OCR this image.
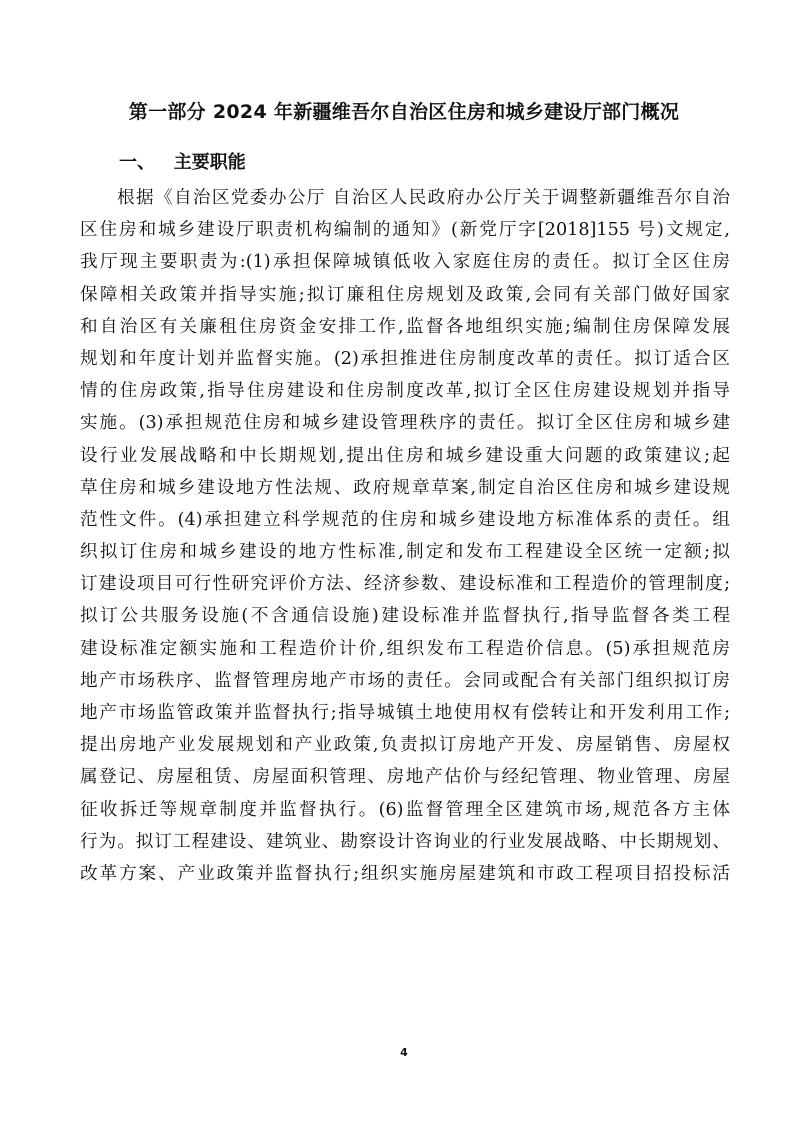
第一部分 2024 年新疆维吾尔自治区住房和城乡建设厅部门概况
一、   主要职能
根据《自治区党委办公厅 自治区人民政府办公厅关于调整新疆维吾尔自治
区住房和城乡建设厅职责机构编制的通知》(新党厅字[2018]155 号)文规定,
我厅现主要职责为:(1)承担保障城镇低收入家庭住房的责任。拟订全区住房
保障相关政策并指导实施;拟订廉租住房规划及政策,会同有关部门做好国家
和自治区有关廉租住房资金安排工作,监督各地组织实施;编制住房保障发展
规划和年度计划并监督实施。(2)承担推进住房制度改革的责任。拟订适合区
情的住房政策,指导住房建设和住房制度改革,拟订全区住房建设规划并指导
实施。(3)承担规范住房和城乡建设管理秩序的责任。拟订全区住房和城乡建
设行业发展战略和中长期规划,提出住房和城乡建设重大问题的政策建议;起
草住房和城乡建设地方性法规、政府规章草案,制定自治区住房和城乡建设规
范性文件。(4)承担建立科学规范的住房和城乡建设地方标准体系的责任。组
织拟订住房和城乡建设的地方性标准,制定和发布工程建设全区统一定额;拟
订建设项目可行性研究评价方法、经济参数、建设标准和工程造价的管理制度;
拟订公共服务设施(不含通信设施)建设标准并监督执行,指导监督各类工程
建设标准定额实施和工程造价计价,组织发布工程造价信息。(5)承担规范房
地产市场秩序、监督管理房地产市场的责任。会同或配合有关部门组织拟订房
地产市场监管政策并监督执行;指导城镇土地使用权有偿转让和开发利用工作;
提出房地产业发展规划和产业政策,负责拟订房地产开发、房屋销售、房屋权
属登记、房屋租赁、房屋面积管理、房地产估价与经纪管理、物业管理、房屋
征收拆迁等规章制度并监督执行。(6)监督管理全区建筑市场,规范各方主体
行为。拟订工程建设、建筑业、勘察设计咨询业的行业发展战略、中长期规划、
改革方案、产业政策并监督执行;组织实施房屋建筑和市政工程项目招投标活
4
